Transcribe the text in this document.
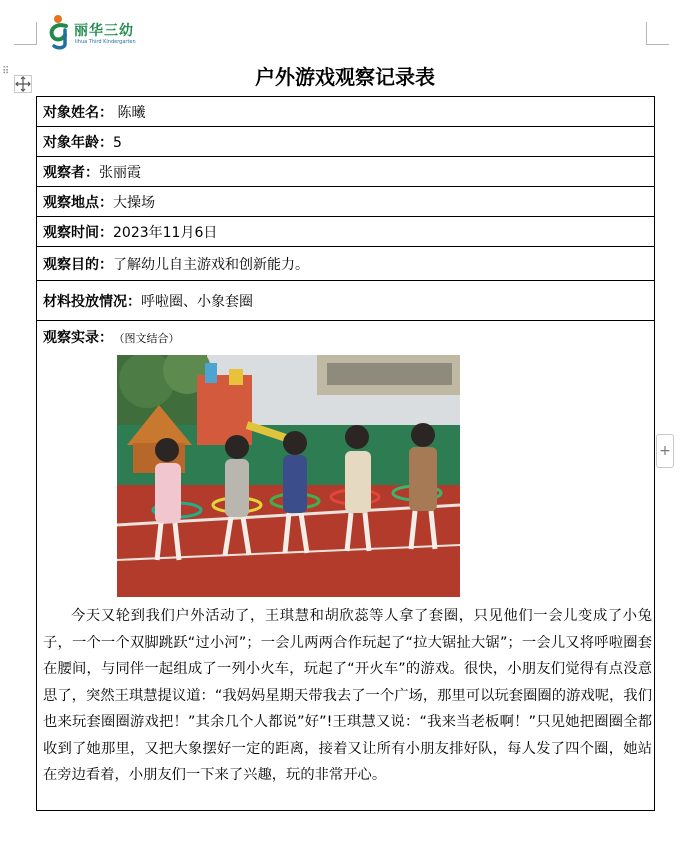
丽华三幼
lihua Third Kindergarten
⠿
+
户外游戏观察记录表
对象姓名： 陈曦
对象年龄：5
观察者：张丽霞
观察地点：大操场
观察时间：2023年11月6日
观察目的：了解幼儿自主游戏和创新能力。
材料投放情况：呼啦圈、小象套圈

观察实录： （图文结合）
今天又轮到我们户外活动了，王琪慧和胡欣蕊等人拿了套圈，只见他们一会儿变成了小兔子，一个一个双脚跳跃“过小河”；一会儿两两合作玩起了“拉大锯扯大锯”；一会儿又将呼啦圈套在腰间，与同伴一起组成了一列小火车，玩起了“开火车”的游戏。很快，小朋友们觉得有点没意思了，突然王琪慧提议道：“我妈妈星期天带我去了一个广场，那里可以玩套圈圈的游戏呢，我们也来玩套圈圈游戏把！”其余几个人都说”好”!王琪慧又说：“我来当老板啊！”只见她把圈圈全都收到了她那里，又把大象摆好一定的距离，接着又让所有小朋友排好队，每人发了四个圈，她站在旁边看着，小朋友们一下来了兴趣，玩的非常开心。
